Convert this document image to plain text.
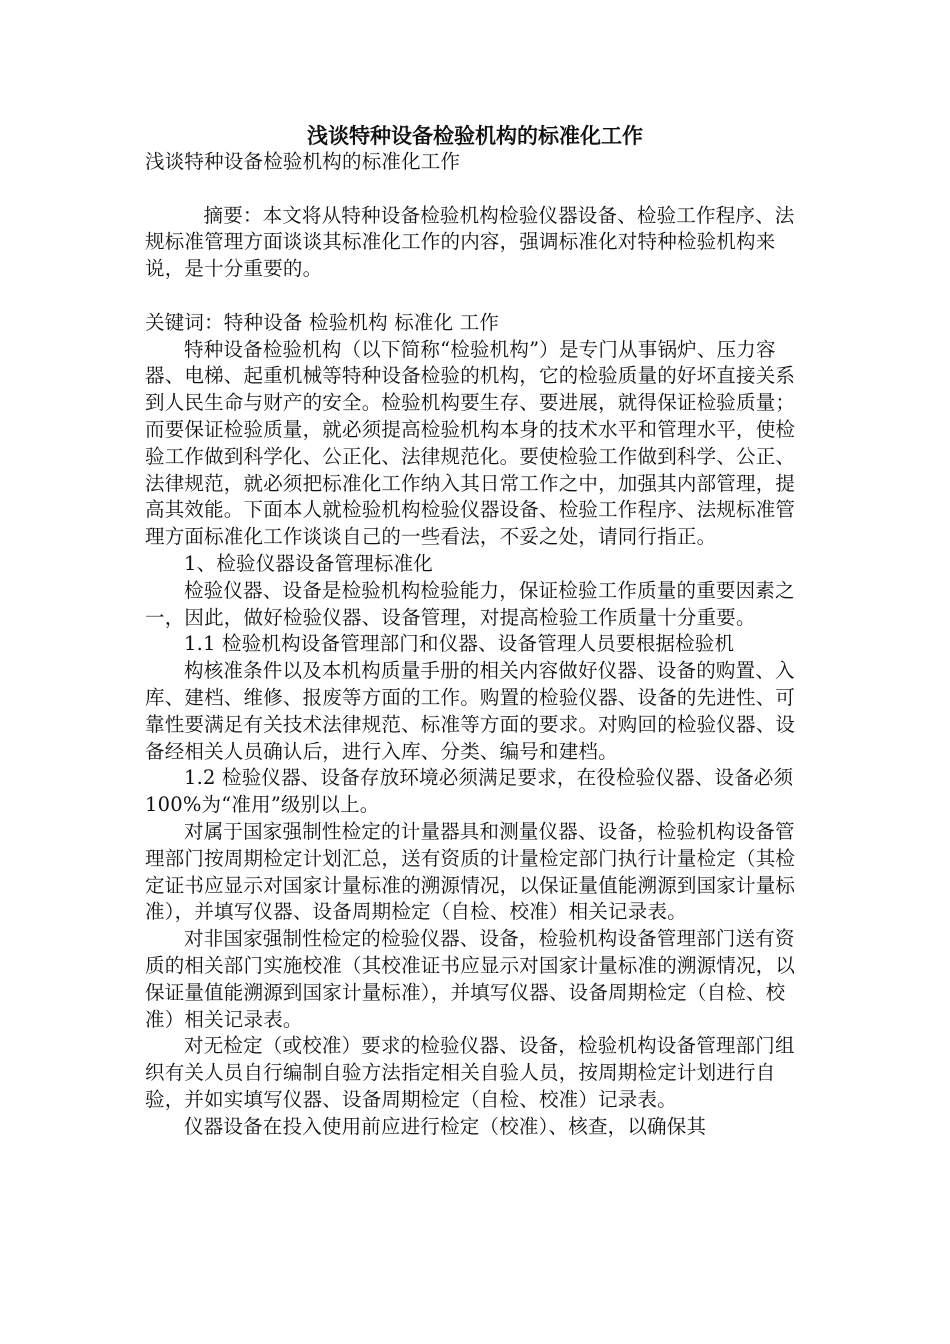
浅谈特种设备检验机构的标准化工作

浅谈特种设备检验机构的标准化工作

摘要：本文将从特种设备检验机构检验仪器设备、检验工作程序、法规标准管理方面谈谈其标准化工作的内容，强调标准化对特种检验机构来说，是十分重要的。

关键词：特种设备 检验机构 标准化 工作

特种设备检验机构（以下简称“检验机构”）是专门从事锅炉、压力容器、电梯、起重机械等特种设备检验的机构，它的检验质量的好坏直接关系到人民生命与财产的安全。检验机构要生存、要进展，就得保证检验质量；而要保证检验质量，就必须提高检验机构本身的技术水平和管理水平，使检验工作做到科学化、公正化、法律规范化。要使检验工作做到科学、公正、法律规范，就必须把标准化工作纳入其日常工作之中，加强其内部管理，提高其效能。下面本人就检验机构检验仪器设备、检验工作程序、法规标准管理方面标准化工作谈谈自己的一些看法，不妥之处，请同行指正。

1、检验仪器设备管理标准化

检验仪器、设备是检验机构检验能力，保证检验工作质量的重要因素之一，因此，做好检验仪器、设备管理，对提高检验工作质量十分重要。

1.1 检验机构设备管理部门和仪器、设备管理人员要根据检验机

构核准条件以及本机构质量手册的相关内容做好仪器、设备的购置、入库、建档、维修、报废等方面的工作。购置的检验仪器、设备的先进性、可靠性要满足有关技术法律规范、标准等方面的要求。对购回的检验仪器、设备经相关人员确认后，进行入库、分类、编号和建档。

1.2 检验仪器、设备存放环境必须满足要求，在役检验仪器、设备必须100%为“准用”级别以上。

对属于国家强制性检定的计量器具和测量仪器、设备，检验机构设备管理部门按周期检定计划汇总，送有资质的计量检定部门执行计量检定（其检定证书应显示对国家计量标准的溯源情况，以保证量值能溯源到国家计量标准），并填写仪器、设备周期检定（自检、校准）相关记录表。

对非国家强制性检定的检验仪器、设备，检验机构设备管理部门送有资质的相关部门实施校准（其校准证书应显示对国家计量标准的溯源情况，以保证量值能溯源到国家计量标准），并填写仪器、设备周期检定（自检、校准）相关记录表。

对无检定（或校准）要求的检验仪器、设备，检验机构设备管理部门组织有关人员自行编制自验方法指定相关自验人员，按周期检定计划进行自验，并如实填写仪器、设备周期检定（自检、校准）记录表。

仪器设备在投入使用前应进行检定（校准）、核查，以确保其
